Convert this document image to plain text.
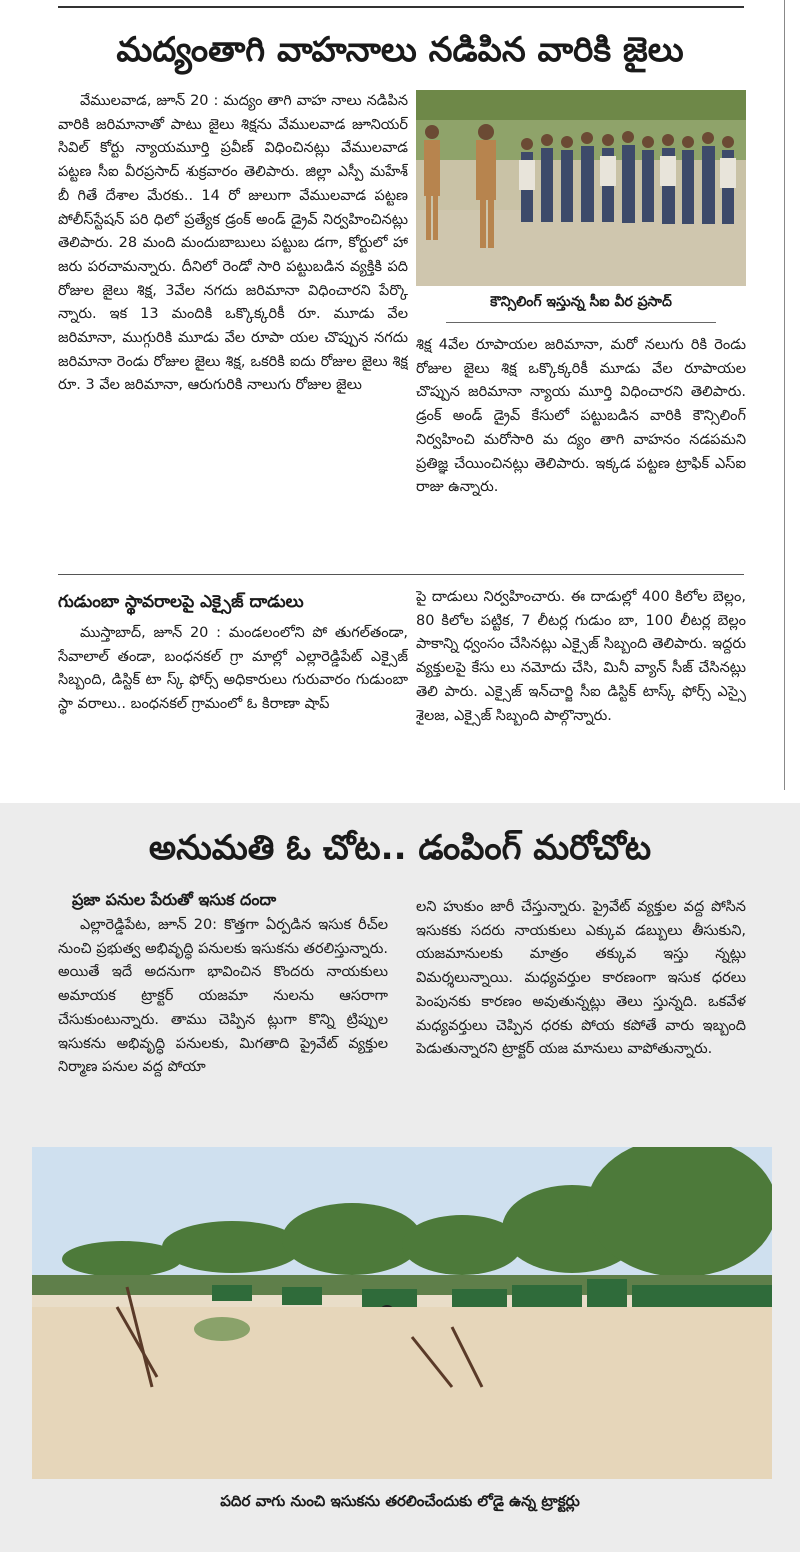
మద్యంతాగి వాహనాలు నడిపిన వారికి జైలు
వేములవాడ, జూన్ 20 : మద్యం తాగి వాహ నాలు నడిపిన వారికి జరిమానాతో పాటు జైలు శిక్షను వేములవాడ జూనియర్ సివిల్ కోర్టు న్యాయమూర్తి ప్రవీణ్ విధించినట్లు వేములవాడ పట్టణ సీఐ వీరప్రసాద్ శుక్రవారం తెలిపారు. జిల్లా ఎస్పీ మహేశ్ బీ గితే దేశాల మేరకు.. 14 రో జులుగా వేములవాడ పట్టణ పోలీస్‌స్టేషన్ పరి ధిలో ప్రత్యేక డ్రంక్ అండ్ డ్రైవ్ నిర్వహించినట్లు తెలిపారు. 28 మంది మందుబాబులు పట్టుబ డగా, కోర్టులో హా జరు పరచామన్నారు. దీనిలో రెండో సారి పట్టుబడిన వ్యక్తికి పది రోజుల జైలు శిక్ష, 3వేల నగదు జరిమానా విధించారని పేర్కొ న్నారు. ఇక 13 మందికి ఒక్కొక్కరికీ రూ. మూడు వేల జరిమానా, ముగ్గురికి మూడు వేల రూపా యల చొప్పున నగదు జరిమానా రెండు రోజుల జైలు శిక్ష, ఒకరికి ఐదు రోజుల జైలు శిక్ష రూ. 3 వేల జరిమానా, ఆరుగురికి నాలుగు రోజుల జైలు
కౌన్సిలింగ్ ఇస్తున్న సీఐ వీర ప్రసాద్
శిక్ష 4వేల రూపాయల జరిమానా, మరో నలుగు రికి రెండు రోజుల జైలు శిక్ష ఒక్కొక్కరికీ మూడు వేల రూపాయల చొప్పున జరిమానా న్యాయ మూర్తి విధించారని తెలిపారు. డ్రంక్ అండ్ డ్రైవ్ కేసులో పట్టుబడిన వారికి కౌన్సిలింగ్ నిర్వహించి మరోసారి మ ద్యం తాగి వాహనం నడపమని ప్రతిజ్ఞ చేయించినట్లు తెలిపారు. ఇక్కడ పట్టణ ట్రాఫిక్ ఎస్ఐ రాజు ఉన్నారు.
గుడుంబా స్థావరాలపై ఎక్సైజ్ దాడులు
ముస్తాబాద్, జూన్ 20 : మండలంలోని పో తుగల్‌తండా, సేవాలాల్ తండా, బంధనకల్ గ్రా మాల్లో ఎల్లారెడ్డిపేట్ ఎక్సైజ్ సిబ్బంది, డిస్టిక్ టా స్క్ ఫోర్స్ అధికారులు గురువారం గుడుంబా స్థా వరాలు.. బంధనకల్ గ్రామంలో ఓ కిరాణా షాప్
పై దాడులు నిర్వహించారు. ఈ దాడుల్లో 400 కిలోల బెల్లం, 80 కిలోల పట్టిక, 7 లీటర్ల గుడుం బా, 100 లీటర్ల బెల్లం పాకాన్ని ధ్వంసం చేసినట్లు ఎక్సైజ్ సిబ్బంది తెలిపారు. ఇద్దరు వ్యక్తులపై కేసు లు నమోదు చేసి, మినీ వ్యాన్ సీజ్ చేసినట్లు తెలి పారు. ఎక్సైజ్ ఇన్‌చార్జి సీఐ డిస్టిక్ టాస్క్ ఫోర్స్ ఎస్సై శైలజ, ఎక్సైజ్ సిబ్బంది పాల్గొన్నారు.
అనుమతి ఓ చోట.. డంపింగ్ మరోచోట
ప్రజా పనుల పేరుతో ఇసుక దందా
ఎల్లారెడ్డిపేట, జూన్ 20: కొత్తగా ఏర్పడిన ఇసుక రీచ్‌ల నుంచి ప్రభుత్వ అభివృద్ధి పనులకు ఇసుకను తరలిస్తున్నారు. అయితే ఇదే అదనుగా భావించిన కొందరు నాయకులు అమాయక ట్రాక్టర్ యజమా నులను ఆసరాగా చేసుకుంటున్నారు. తాము చెప్పిన ట్లుగా కొన్ని ట్రిప్పుల ఇసుకను అభివృద్ధి పనులకు, మిగతాది ప్రైవేట్ వ్యక్తుల నిర్మాణ పనుల వద్ద పోయా
లని హుకుం జారీ చేస్తున్నారు. ప్రైవేట్ వ్యక్తుల వద్ద పోసిన ఇసుకకు సదరు నాయకులు ఎక్కువ డబ్బులు తీసుకుని, యజమానులకు మాత్రం తక్కువ ఇస్తు న్నట్లు విమర్శలున్నాయి. మధ్యవర్తుల కారణంగా ఇసుక ధరలు పెంపునకు కారణం అవుతున్నట్లు తెలు స్తున్నది. ఒకవేళ మధ్యవర్తులు చెప్పిన ధరకు పోయ కపోతే వారు ఇబ్బంది పెడుతున్నారని ట్రాక్టర్ యజ మానులు వాపోతున్నారు.
పదిర వాగు నుంచి ఇసుకను తరలించేందుకు లోడై ఉన్న ట్రాక్టర్లు
